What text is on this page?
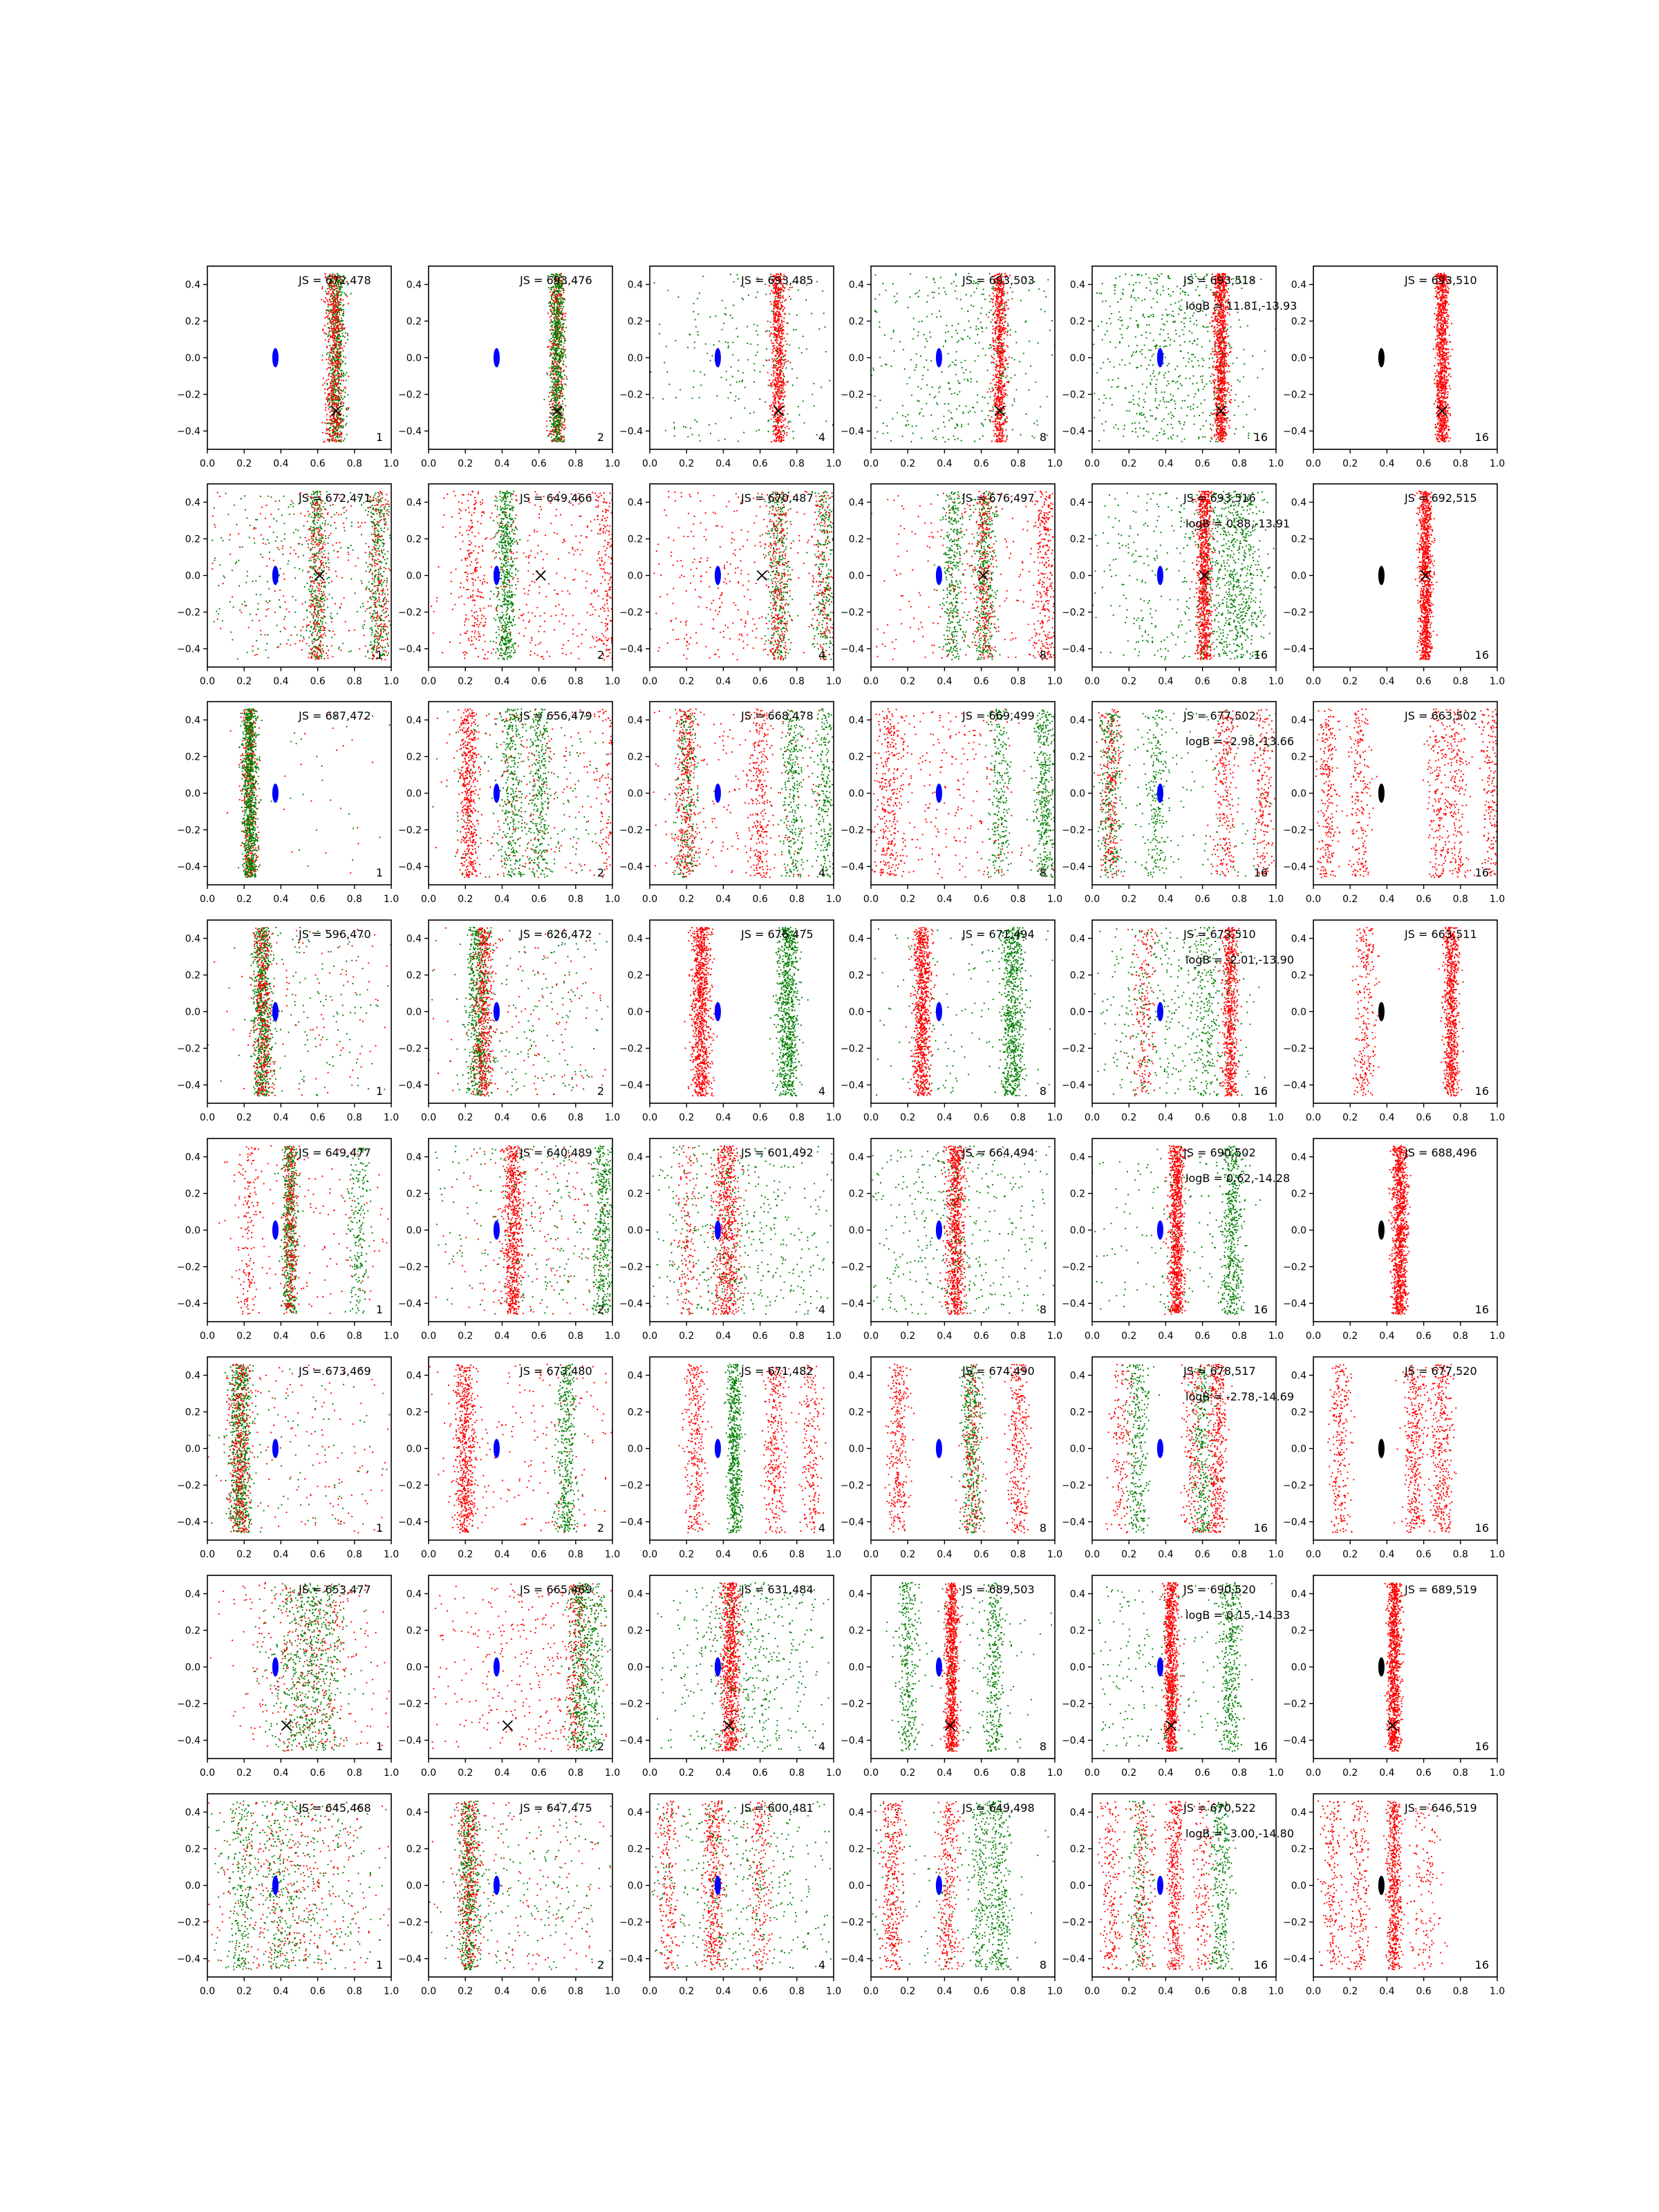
0.0 0.2 0.4 0.6 0.8 1.0
−0.4
−0.2
0.0
0.2
0.4	JS = 672,478
1
0.0 0.2 0.4 0.6 0.8 1.0
−0.4
−0.2
0.0
0.2
0.4	JS = 693,476
2
0.0 0.2 0.4 0.6 0.8 1.0
−0.4
−0.2
0.0
0.2
0.4	JS = 693,485
4
0.0 0.2 0.4 0.6 0.8 1.0
−0.4
−0.2
0.0
0.2
0.4	JS = 693,503
8
0.0 0.2 0.4 0.6 0.8 1.0
−0.4
−0.2
0.0
0.2
0.4	JS = 693,518
logB = 11.81,-13.93
16
0.0 0.2 0.4 0.6 0.8 1.0
−0.4
−0.2
0.0
0.2
0.4	JS = 693,510
16
0.0 0.2 0.4 0.6 0.8 1.0
−0.4
−0.2
0.0
0.2
0.4	JS = 672,471
1
0.0 0.2 0.4 0.6 0.8 1.0
−0.4
−0.2
0.0
0.2
0.4	JS = 649,466
2
0.0 0.2 0.4 0.6 0.8 1.0
−0.4
−0.2
0.0
0.2
0.4	JS = 670,487
4
0.0 0.2 0.4 0.6 0.8 1.0
−0.4
−0.2
0.0
0.2
0.4	JS = 676,497
8
0.0 0.2 0.4 0.6 0.8 1.0
−0.4
−0.2
0.0
0.2
0.4	JS = 693,516
logB = 0.88,-13.91
16
0.0 0.2 0.4 0.6 0.8 1.0
−0.4
−0.2
0.0
0.2
0.4	JS = 692,515
16
0.0 0.2 0.4 0.6 0.8 1.0
−0.4
−0.2
0.0
0.2
0.4	JS = 687,472
1
0.0 0.2 0.4 0.6 0.8 1.0
−0.4
−0.2
0.0
0.2
0.4	JS = 656,479
2
0.0 0.2 0.4 0.6 0.8 1.0
−0.4
−0.2
0.0
0.2
0.4	JS = 668,478
4
0.0 0.2 0.4 0.6 0.8 1.0
−0.4
−0.2
0.0
0.2
0.4	JS = 669,499
8
0.0 0.2 0.4 0.6 0.8 1.0
−0.4
−0.2
0.0
0.2
0.4	JS = 677,502
logB = -2.98,-13.66
16
0.0 0.2 0.4 0.6 0.8 1.0
−0.4
−0.2
0.0
0.2
0.4	JS = 663,502
16
0.0 0.2 0.4 0.6 0.8 1.0
−0.4
−0.2
0.0
0.2
0.4	JS = 596,470
1
0.0 0.2 0.4 0.6 0.8 1.0
−0.4
−0.2
0.0
0.2
0.4	JS = 626,472
2
0.0 0.2 0.4 0.6 0.8 1.0
−0.4
−0.2
0.0
0.2
0.4	JS = 676,475
4
0.0 0.2 0.4 0.6 0.8 1.0
−0.4
−0.2
0.0
0.2
0.4	JS = 671,494
8
0.0 0.2 0.4 0.6 0.8 1.0
−0.4
−0.2
0.0
0.2
0.4	JS = 673,510
logB = -2.01,-13.90
16
0.0 0.2 0.4 0.6 0.8 1.0
−0.4
−0.2
0.0
0.2
0.4	JS = 663,511
16
0.0 0.2 0.4 0.6 0.8 1.0
−0.4
−0.2
0.0
0.2
0.4	JS = 649,477
1
0.0 0.2 0.4 0.6 0.8 1.0
−0.4
−0.2
0.0
0.2
0.4	JS = 640,489
2
0.0 0.2 0.4 0.6 0.8 1.0
−0.4
−0.2
0.0
0.2
0.4	JS = 601,492
4
0.0 0.2 0.4 0.6 0.8 1.0
−0.4
−0.2
0.0
0.2
0.4	JS = 664,494
8
0.0 0.2 0.4 0.6 0.8 1.0
−0.4
−0.2
0.0
0.2
0.4	JS = 690,502
logB = 0.62,-14.28
16
0.0 0.2 0.4 0.6 0.8 1.0
−0.4
−0.2
0.0
0.2
0.4	JS = 688,496
16
0.0 0.2 0.4 0.6 0.8 1.0
−0.4
−0.2
0.0
0.2
0.4	JS = 673,469
1
0.0 0.2 0.4 0.6 0.8 1.0
−0.4
−0.2
0.0
0.2
0.4	JS = 673,480
2
0.0 0.2 0.4 0.6 0.8 1.0
−0.4
−0.2
0.0
0.2
0.4	JS = 671,482
4
0.0 0.2 0.4 0.6 0.8 1.0
−0.4
−0.2
0.0
0.2
0.4	JS = 674,490
8
0.0 0.2 0.4 0.6 0.8 1.0
−0.4
−0.2
0.0
0.2
0.4	JS = 678,517
logB = -2.78,-14.69
16
0.0 0.2 0.4 0.6 0.8 1.0
−0.4
−0.2
0.0
0.2
0.4	JS = 677,520
16
0.0 0.2 0.4 0.6 0.8 1.0
−0.4
−0.2
0.0
0.2
0.4	JS = 653,477
1
0.0 0.2 0.4 0.6 0.8 1.0
−0.4
−0.2
0.0
0.2
0.4	JS = 665,469
2
0.0 0.2 0.4 0.6 0.8 1.0
−0.4
−0.2
0.0
0.2
0.4	JS = 631,484
4
0.0 0.2 0.4 0.6 0.8 1.0
−0.4
−0.2
0.0
0.2
0.4	JS = 689,503
8
0.0 0.2 0.4 0.6 0.8 1.0
−0.4
−0.2
0.0
0.2
0.4	JS = 690,520
logB = 0.15,-14.33
16
0.0 0.2 0.4 0.6 0.8 1.0
−0.4
−0.2
0.0
0.2
0.4	JS = 689,519
16
0.0 0.2 0.4 0.6 0.8 1.0
−0.4
−0.2
0.0
0.2
0.4	JS = 645,468
1
0.0 0.2 0.4 0.6 0.8 1.0
−0.4
−0.2
0.0
0.2
0.4	JS = 647,475
2
0.0 0.2 0.4 0.6 0.8 1.0
−0.4
−0.2
0.0
0.2
0.4	JS = 600,481
4
0.0 0.2 0.4 0.6 0.8 1.0
−0.4
−0.2
0.0
0.2
0.4	JS = 649,498
8
0.0 0.2 0.4 0.6 0.8 1.0
−0.4
−0.2
0.0
0.2
0.4	JS = 670,522
logB = -3.00,-14.80
16
0.0 0.2 0.4 0.6 0.8 1.0
−0.4
−0.2
0.0
0.2
0.4	JS = 646,519
16
